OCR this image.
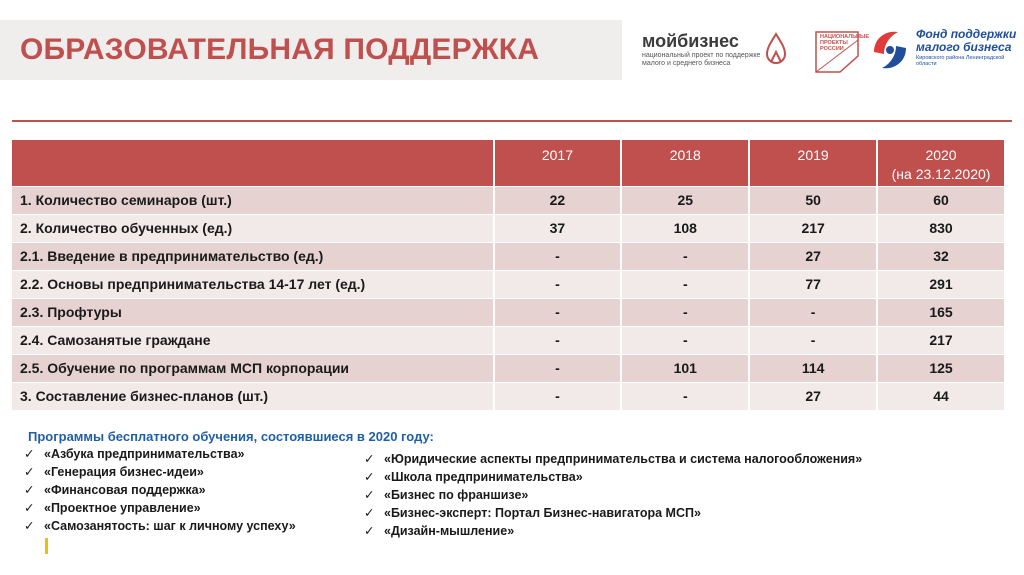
ОБРАЗОВАТЕЛЬНАЯ ПОДДЕРЖКА	мойбизнес
национальный проект по поддержке малого и среднего бизнеса
НАЦИОНАЛЬНЫЕ ПРОЕКТЫ РОССИИ
Фонд поддержки
малого бизнеса
Кировского района Ленинградской области
	2017	2018	2019	2020
(на 23.12.2020)
1. Количество семинаров (шт.)	22	25	50	60
2. Количество обученных (ед.)	37	108	217	830
2.1. Введение в предпринимательство (ед.)	-	-	27	32
2.2. Основы предпринимательства 14-17 лет (ед.)	-	-	77	291
2.3. Профтуры	-	-	-	165
2.4. Самозанятые граждане	-	-	-	217
2.5. Обучение по программам МСП корпорации	-	101	114	125
3. Составление бизнес-планов (шт.)	-	-	27	44
Программы бесплатного обучения, состоявшиеся в 2020 году:
✓ «Азбука предпринимательства»
✓ «Генерация бизнес-идеи»
✓ «Финансовая поддержка»
✓ «Проектное управление»
✓ «Самозанятость: шаг к личному успеху»
✓ «Юридические аспекты предпринимательства и система налогообложения»
✓ «Школа предпринимательства»
✓ «Бизнес по франшизе»
✓ «Бизнес-эксперт: Портал Бизнес-навигатора МСП»
✓ «Дизайн-мышление»
